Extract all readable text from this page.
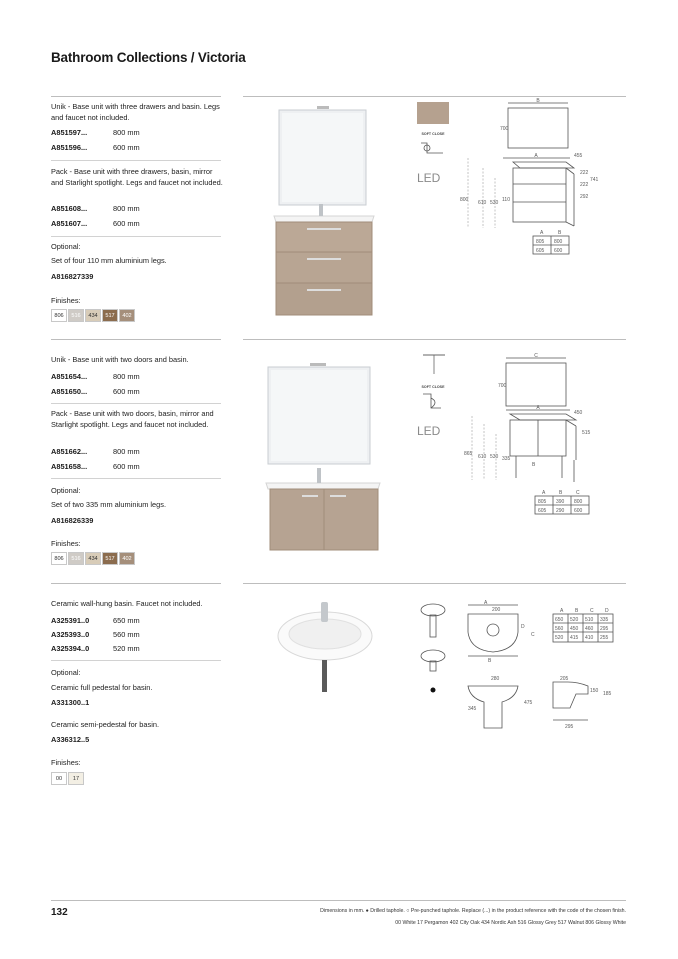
Bathroom Collections / Victoria
Unik - Base unit with three drawers and basin. Legs and faucet not included.
A851597...	800 mm
A851596...	600 mm
Pack - Base unit with three drawers, basin, mirror and Starlight spotlight. Legs and faucet not included.
A851608...	800 mm
A851607...	600 mm
Optional:
Set of four 110 mm aluminium legs.
A816827339
Finishes:
806	516	434	517	402
SOFT CLOSE
LED
B
700
A	455
222
222
741
292
800 610 530 110
A	B
805 800
605 600
Unik - Base unit with two doors and basin.
A851654...	800 mm
A851650...	600 mm
Pack - Base unit with two doors, basin, mirror and Starlight spotlight. Legs and faucet not included.
A851662...	800 mm
A851658...	600 mm
Optional:
Set of two 335 mm aluminium legs.
A816826339
Finishes:
806	516	434	517	402
SOFT CLOSE
LED
C
700
A
450
515
865 610 530 335
B
A	B	C
805 390 800
605 290 600
Ceramic wall-hung basin. Faucet not included.
A325391..0	650 mm
A325393..0	560 mm
A325394..0	520 mm
Optional:
Ceramic full pedestal for basin.
A331300..1
Ceramic semi-pedestal for basin.
A336312..5
Finishes:
00	17
A
200
B
C
D
A B C D
650 520 510 335
560 450 460 295
520 415 410 255
280
345
475
205
150 185
295
132	Dimensions in mm. ● Drilled taphole. ○ Pre-punched taphole. Replace (...) in the product reference with the code of the chosen finish.
00 White 17 Pergamon 402 City Oak 434 Nordic Ash 516 Glossy Grey 517 Walnut 806 Glossy White
